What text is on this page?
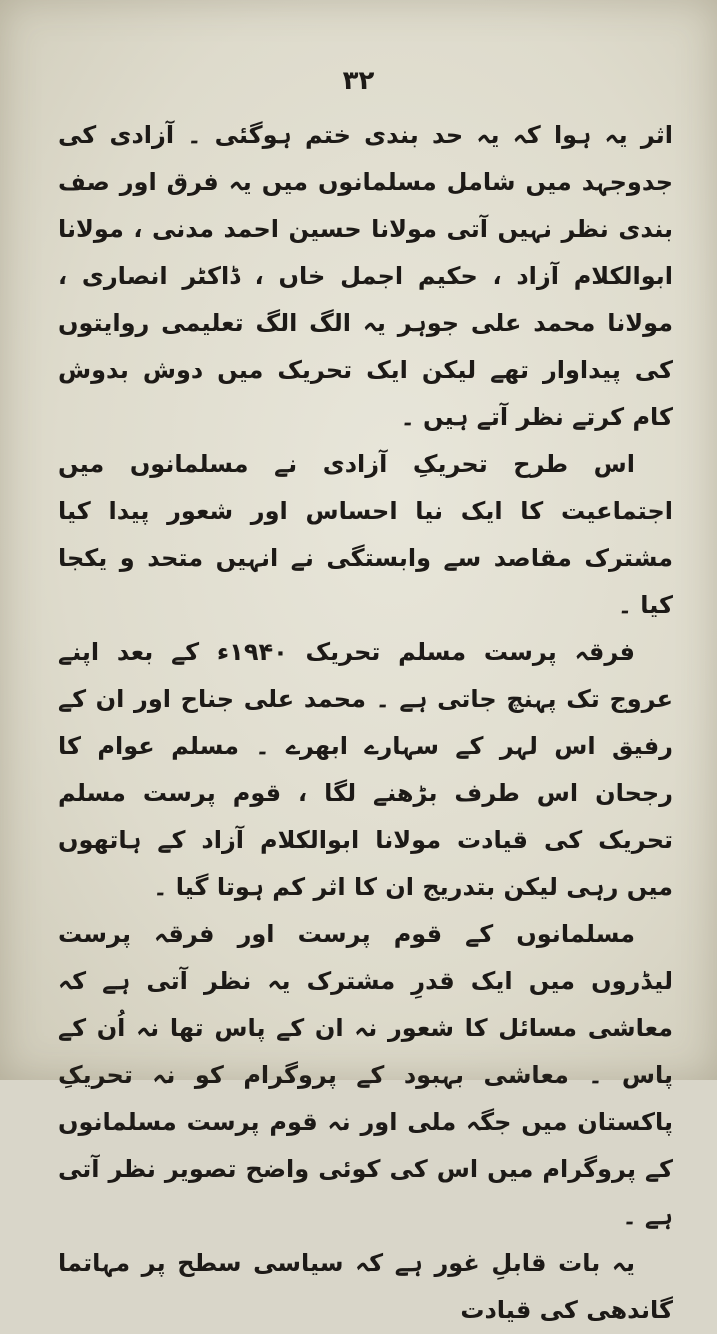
۳۲

اثر یہ ہوا کہ یہ حد بندی ختم ہوگئی ۔ آزادی کی جدوجہد میں شامل مسلمانوں میں یہ فرق اور صف بندی نظر نہیں آتی مولانا حسین احمد مدنی ، مولانا ابوالکلام آزاد ، حکیم اجمل خاں ، ڈاکٹر انصاری ، مولانا محمد علی جوہر یہ الگ الگ تعلیمی روایتوں کی پیداوار تھے لیکن ایک تحریک میں دوش بدوش کام کرتے نظر آتے ہیں ۔

اس طرح تحریکِ آزادی نے مسلمانوں میں اجتماعیت کا ایک نیا احساس اور شعور پیدا کیا مشترک مقاصد سے وابستگی نے انہیں متحد و یکجا کیا ۔

فرقہ پرست مسلم تحریک ۱۹۴۰ء کے بعد اپنے عروج تک پہنچ جاتی ہے ۔ محمد علی جناح اور ان کے رفیق اس لہر کے سہارے ابھرے ۔ مسلم عوام کا رجحان اس طرف بڑھنے لگا ، قوم پرست مسلم تحریک کی قیادت مولانا ابوالکلام آزاد کے ہاتھوں میں رہی لیکن بتدریج ان کا اثر کم ہوتا گیا ۔

مسلمانوں کے قوم پرست اور فرقہ پرست لیڈروں میں ایک قدرِ مشترک یہ نظر آتی ہے کہ معاشی مسائل کا شعور نہ ان کے پاس تھا نہ اُن کے پاس ۔ معاشی بہبود کے پروگرام کو نہ تحریکِ پاکستان میں جگہ ملی اور نہ قوم پرست مسلمانوں کے پروگرام میں اس کی کوئی واضح تصویر نظر آتی ہے ۔

یہ بات قابلِ غور ہے کہ سیاسی سطح پر مہاتما گاندھی کی قیادت
